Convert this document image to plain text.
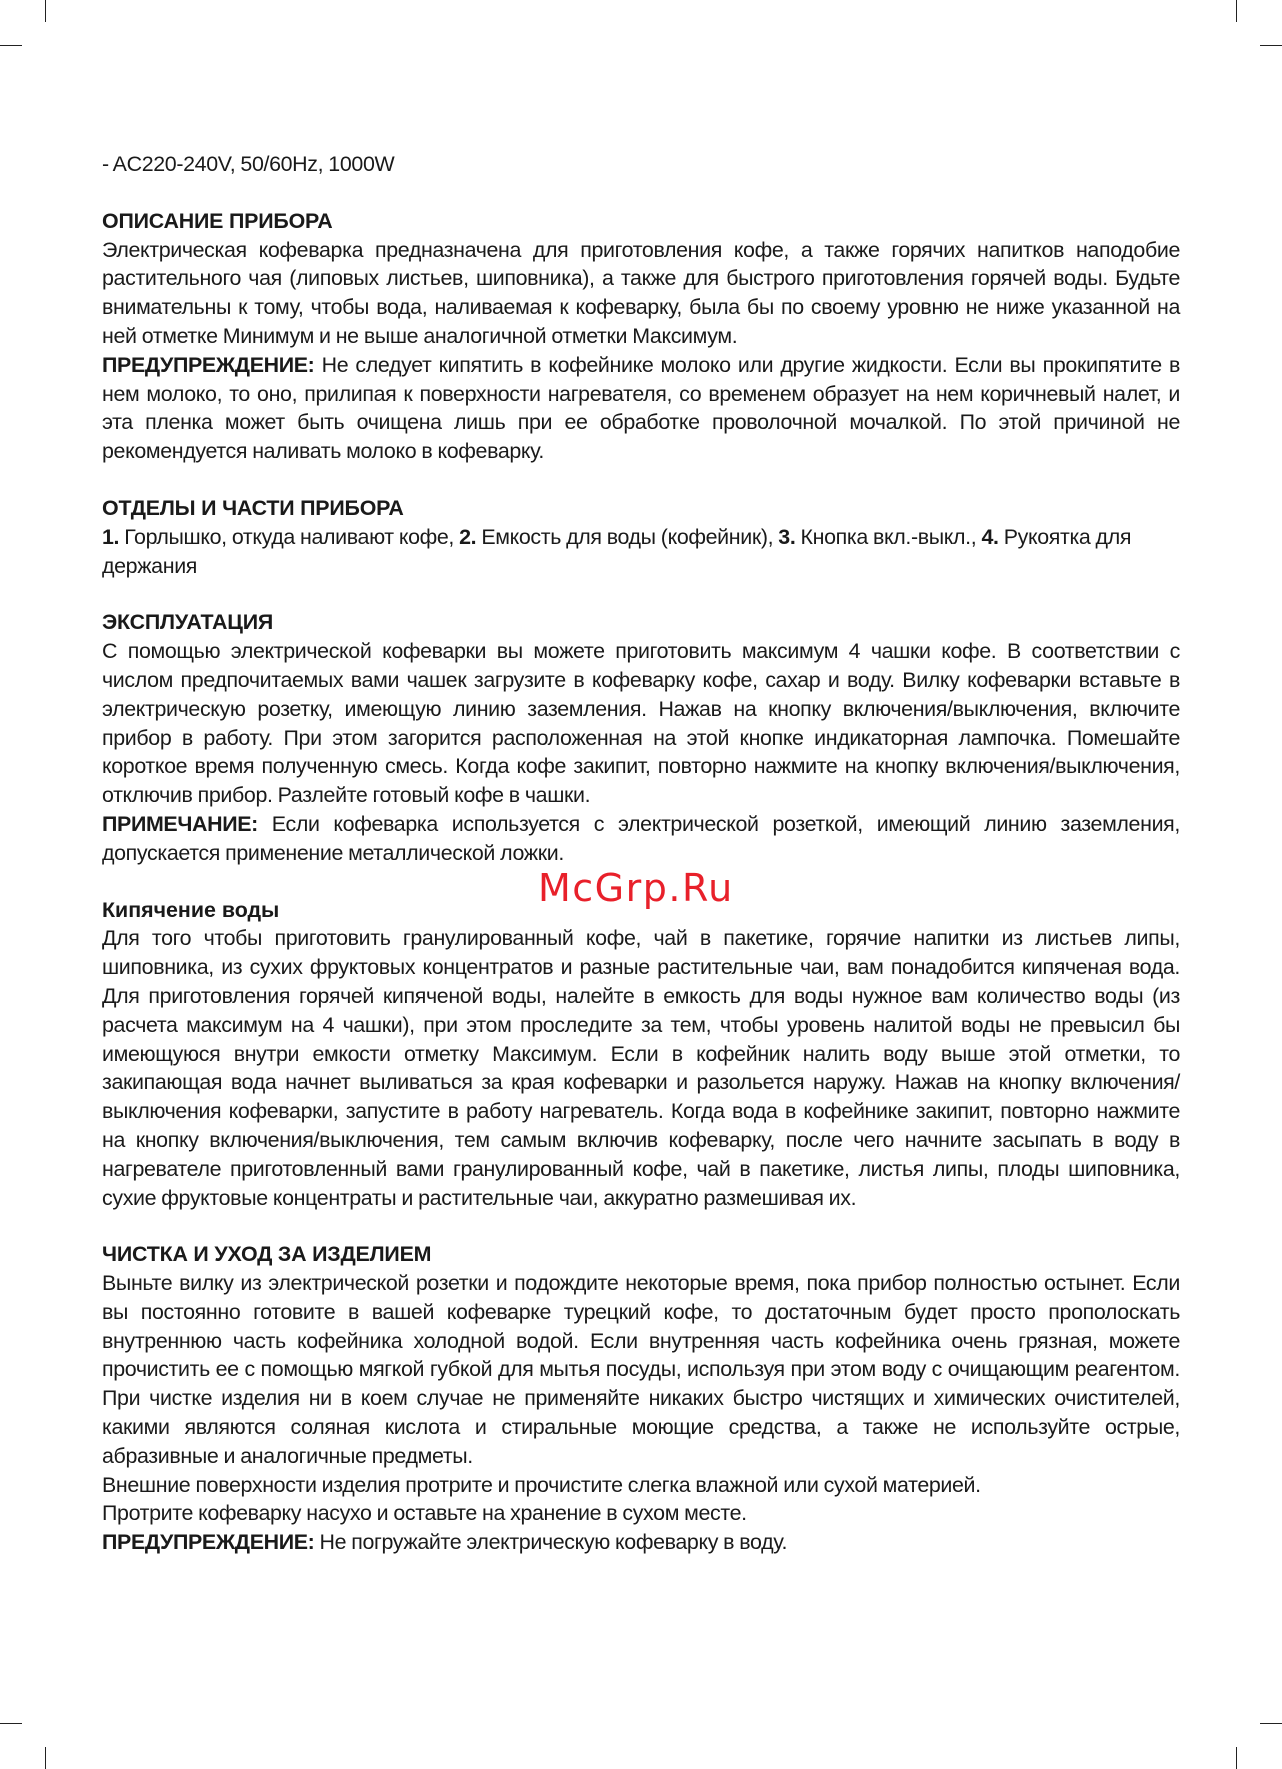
- AC220-240V, 50/60Hz, 1000W

ОПИСАНИЕ ПРИБОРА

Электрическая кофеварка предназначена для приготовления кофе, а также горячих напитков наподобие растительного чая (липовых листьев, шиповника), а также для быстрого приготовления горячей воды. Будьте внимательны к тому, чтобы вода, наливаемая к кофеварку, была бы по своему уровню не ниже указанной на ней отметке Минимум и не выше аналогичной отметки Максимум.

ПРЕДУПРЕЖДЕНИЕ: Не следует кипятить в кофейнике молоко или другие жидкости. Если вы прокипятите в нем молоко, то оно, прилипая к поверхности нагревателя, со временем образует на нем коричневый налет, и эта пленка может быть очищена лишь при ее обработке проволочной мочалкой. По этой причиной не рекомендуется наливать молоко в кофеварку.

ОТДЕЛЫ И ЧАСТИ ПРИБОРА

1. Горлышко, откуда наливают кофе, 2. Емкость для воды (кофейник), 3. Кнопка вкл.-выкл., 4. Рукоятка для держания

ЭКСПЛУАТАЦИЯ

С помощью электрической кофеварки вы можете приготовить максимум 4 чашки кофе. В соответствии с числом предпочитаемых вами чашек загрузите в кофеварку кофе, сахар и воду. Вилку кофеварки вставьте в электрическую розетку, имеющую линию заземления. Нажав на кнопку включения/выключения, включите прибор в работу. При этом загорится расположенная на этой кнопке индикаторная лампочка. Помешайте короткое время полученную смесь. Когда кофе закипит, повторно нажмите на кнопку включения/выключения, отключив прибор. Разлейте готовый кофе в чашки.

ПРИМЕЧАНИЕ: Если кофеварка используется с электрической розеткой, имеющий линию заземления, допускается применение металлической ложки.

Кипячение воды

Для того чтобы приготовить гранулированный кофе, чай в пакетике, горячие напитки из листьев липы, шиповника, из сухих фруктовых концентратов и разные растительные чаи, вам понадобится кипяченая вода. Для приготовления горячей кипяченой воды, налейте в емкость для воды нужное вам количество воды (из расчета максимум на 4 чашки), при этом проследите за тем, чтобы уровень налитой воды не превысил бы имеющуюся внутри емкости отметку Максимум. Если в кофейник налить воду выше этой отметки, то закипающая вода начнет выливаться за края кофеварки и разольется наружу. Нажав на кнопку включения/выключения кофеварки, запустите в работу нагреватель. Когда вода в кофейнике закипит, повторно нажмите на кнопку включения/выключения, тем самым включив кофеварку, после чего начните засыпать в воду в нагревателе приготовленный вами гранулированный кофе, чай в пакетике, листья липы, плоды шиповника, сухие фруктовые концентраты и растительные чаи, аккуратно размешивая их.

ЧИСТКА И УХОД ЗА ИЗДЕЛИЕМ

Выньте вилку из электрической розетки и подождите некоторые время, пока прибор полностью остынет. Если вы постоянно готовите в вашей кофеварке турецкий кофе, то достаточным будет просто прополоскать внутреннюю часть кофейника холодной водой. Если внутренняя часть кофейника очень грязная, можете прочистить ее с помощью мягкой губкой для мытья посуды, используя при этом воду с очищающим реагентом. При чистке изделия ни в коем случае не применяйте никаких быстро чистящих и химических очистителей, какими являются соляная кислота и стиральные моющие средства, а также не используйте острые, абразивные и аналогичные предметы.

Внешние поверхности изделия протрите и прочистите слегка влажной или сухой материей.

Протрите кофеварку насухо и оставьте на хранение в сухом месте.

ПРЕДУПРЕЖДЕНИЕ: Не погружайте электрическую кофеварку в воду.

McGrp.Ru
